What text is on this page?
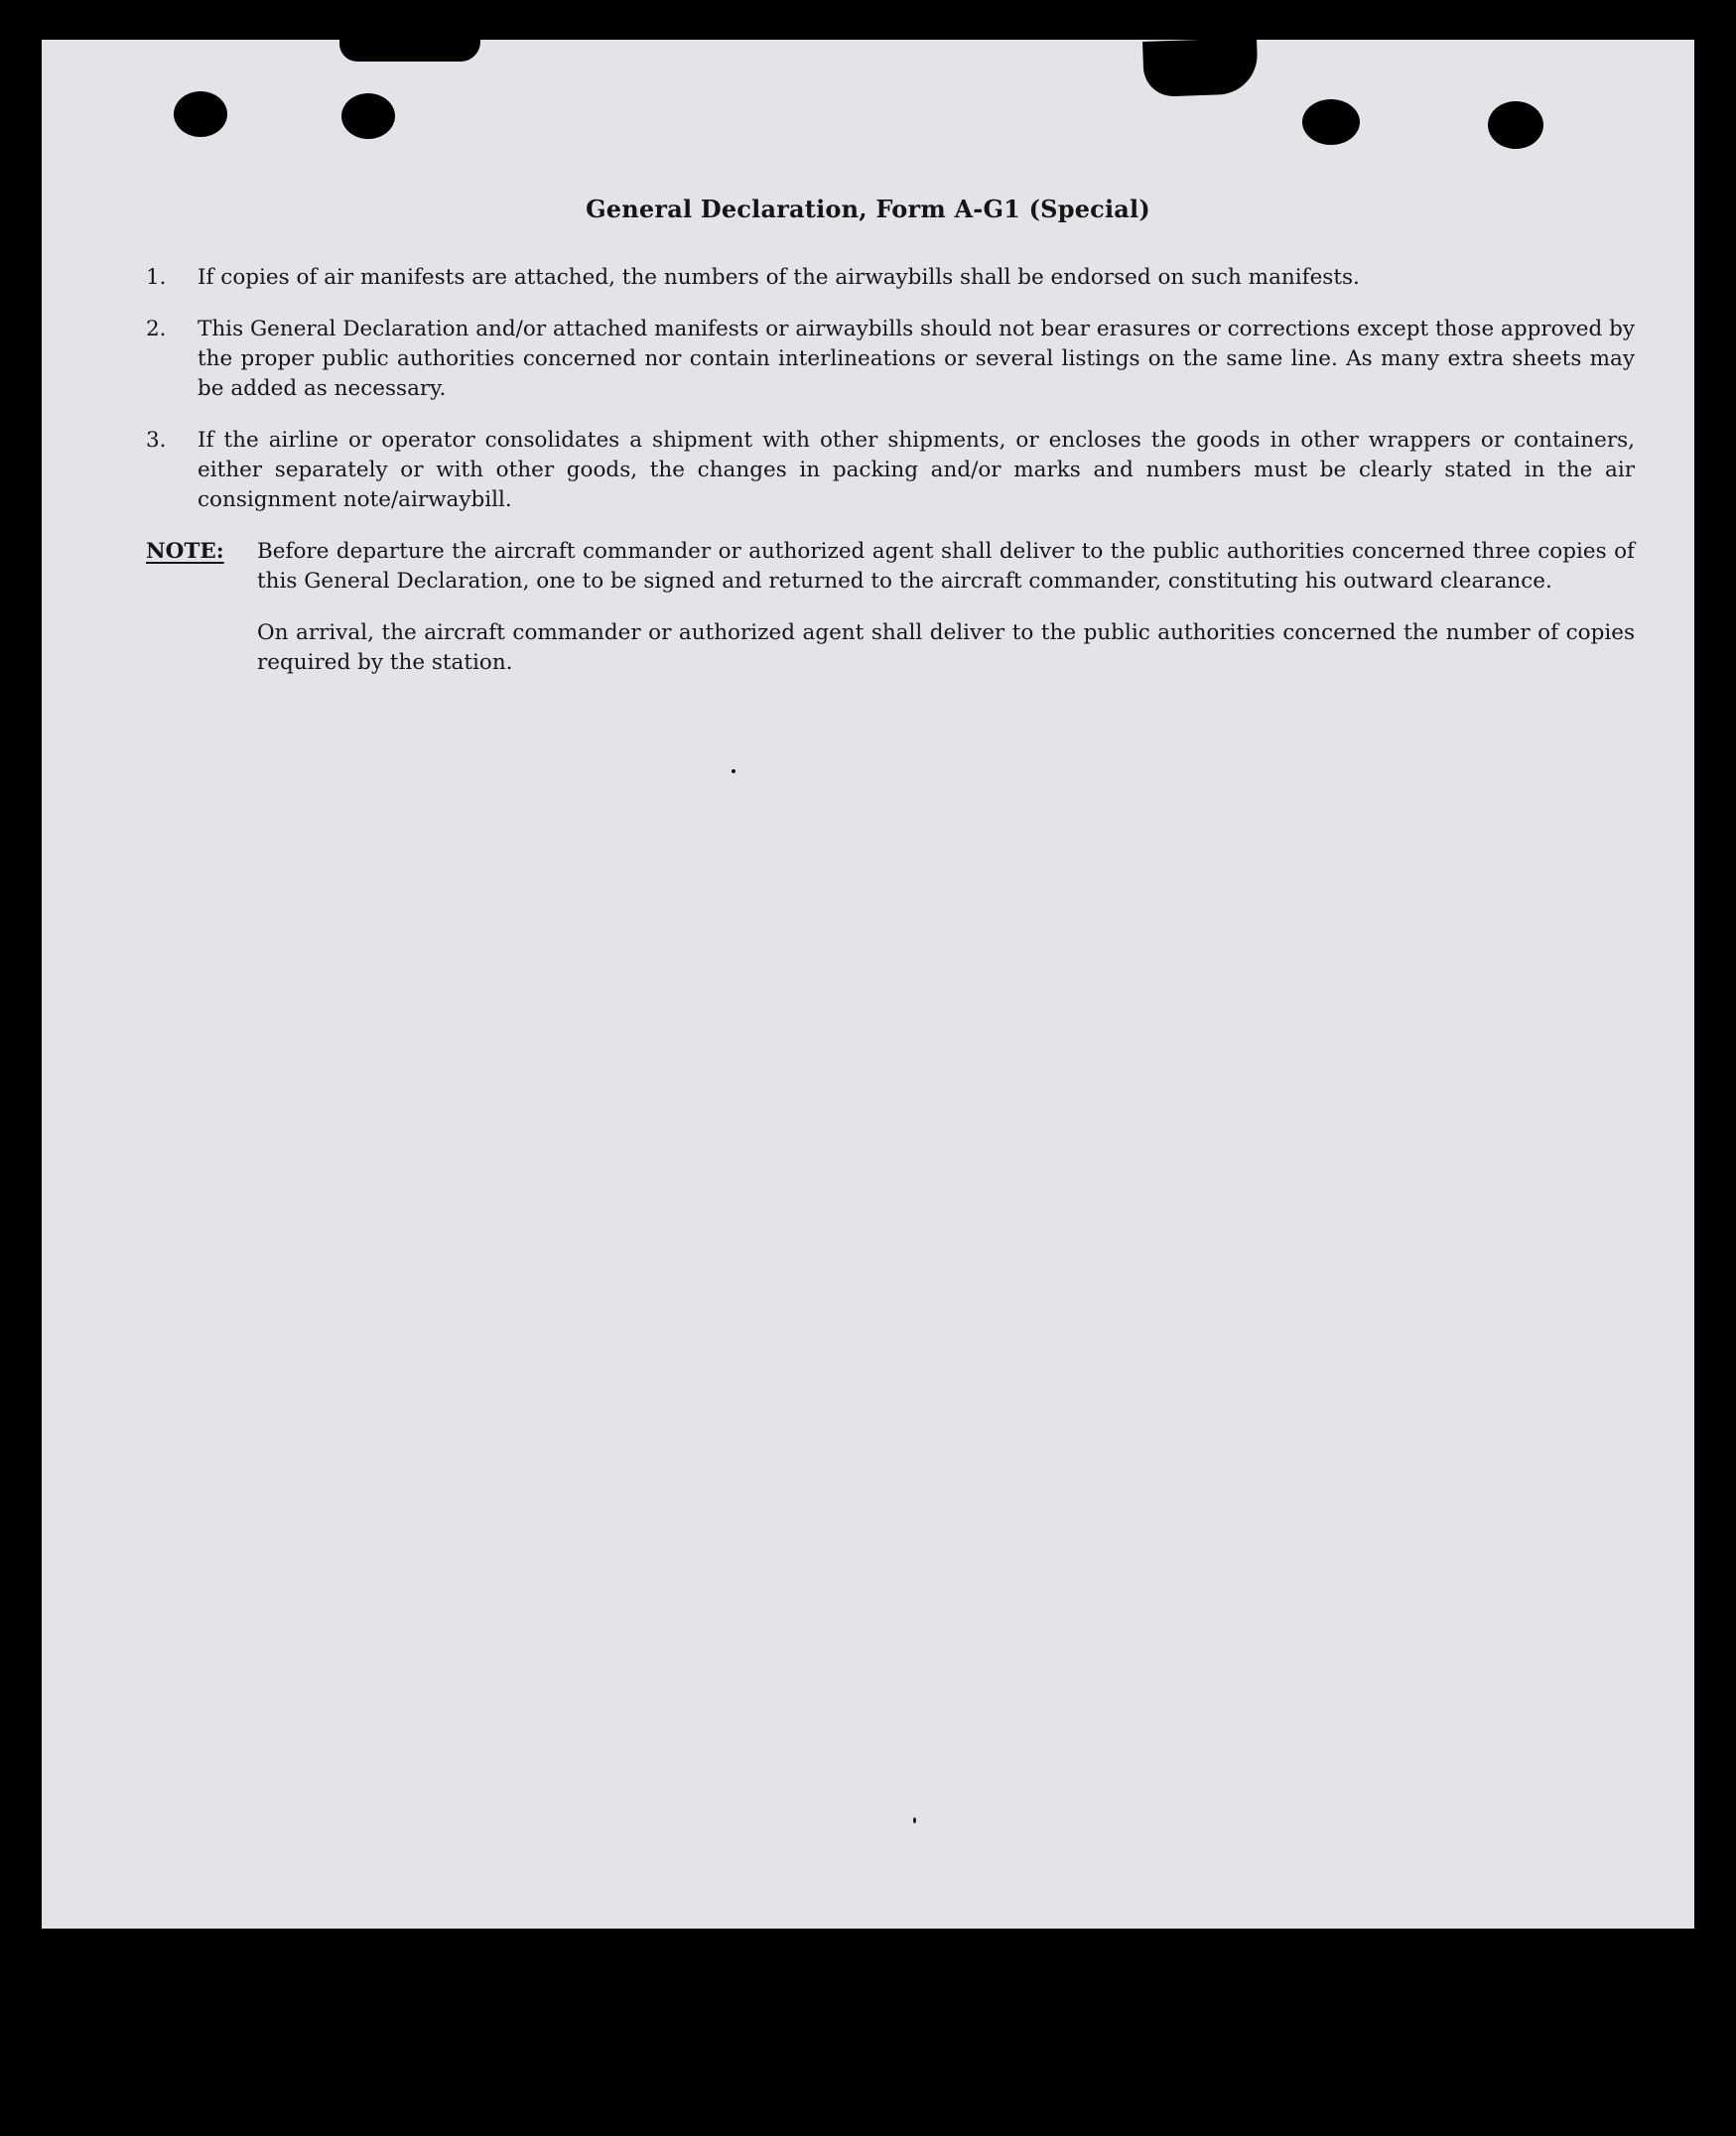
General Declaration, Form A-G1 (Special)
1. If copies of air manifests are attached, the numbers of the airwaybills shall be endorsed on such manifests.
2. This General Declaration and/or attached manifests or airwaybills should not bear erasures or corrections except those approved by the proper public authorities concerned nor contain interlineations or several listings on the same line. As many extra sheets may be added as necessary.
3. If the airline or operator consolidates a shipment with other shipments, or encloses the goods in other wrappers or containers, either separately or with other goods, the changes in packing and/or marks and numbers must be clearly stated in the air consignment note/airwaybill.
NOTE: Before departure the aircraft commander or authorized agent shall deliver to the public authorities concerned three copies of this General Declaration, one to be signed and returned to the aircraft commander, constituting his outward clearance.

On arrival, the aircraft commander or authorized agent shall deliver to the public authorities concerned the number of copies required by the station.
